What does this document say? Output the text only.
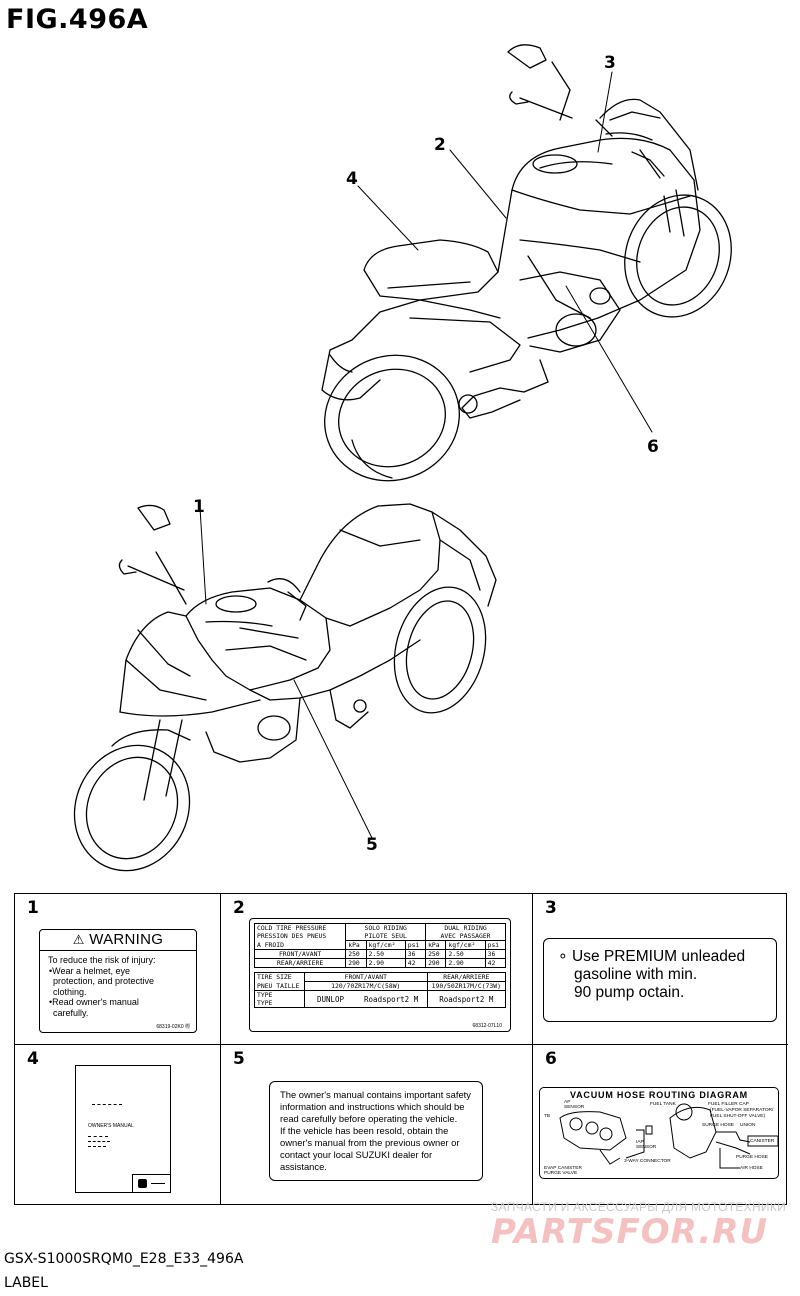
FIG.496A
3
2
4
6
1
5
1
⚠ WARNING
To reduce the risk of injury:
•Wear a helmet, eye
protection, and protective
clothing.
•Read owner's manual
carefully.
68319-02K0 標
2
COLD TIRE PRESSURE	SOLO RIDING			DUAL RIDING		
PRESSION DES PNEUS	PILOTE SEUL			AVEC PASSAGER		
A FROID	kPa	kgf/cm²	psi	kPa	kgf/cm²	psi
FRONT/AVANT	250	2.50	36	250	2.50	36
REAR/ARRIERE	290	2.90	42	290	2.90	42
TIRE SIZE	FRONT/AVANT	REAR/ARRIERE
PNEU TAILLE	120/70ZR17M/C(58W)	190/50ZR17M/C(73W)
TYPE	DUNLOP Roadsport2 M	Roadsport2 M
TYPE		
68312-07L10
3
∘ Use PREMIUM unleaded
gasoline with min.
90 pump octain.
4
OWNER'S MANUAL
5
The owner's manual contains important safety
information and instructions which should be
read carefully before operating the vehicle.
If the vehicle has been resold, obtain the
owner's manual from the previous owner or
contact your local SUZUKI dealer for
assistance.
6
VACUUM HOSE ROUTING DIAGRAM
FUEL TANK	FUEL FILLER CAP
(FUEL-VAPOR SEPARATOR/
FUEL SHUT-OFF VALVE)
SURGE HOSE UNION
CANISTER
PURGE HOSE
AIR HOSE
3-WAY CONNECTOR
EVAP CANISTER
PURGE VALVE
TB
AP
SENSOR
IAP
SENSOR
ЗАПЧАСТИ И АКСЕССУАРЫ ДЛЯ МОТОТЕХНИКИ
PARTSFOR.RU
GSX-S1000SRQM0_E28_E33_496A
LABEL
